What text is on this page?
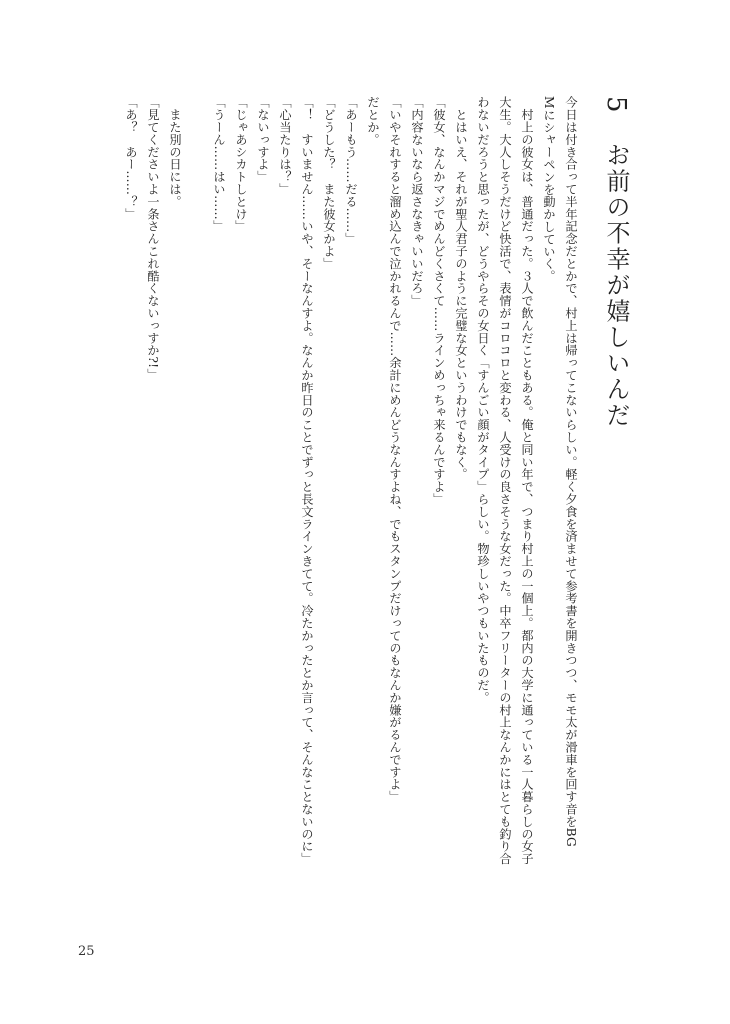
5 お前の不幸が嬉しいんだ
今日は付き合って半年記念だとかで、村上は帰ってこないらしい。軽く夕食を済ませて参考書を開きつつ、モモ太が滑車を回す音をBG
Mにシャーペンを動かしていく。
　村上の彼女は、普通だった。３人で飲んだこともある。俺と同い年で、つまり村上の一個上。都内の大学に通っている一人暮らしの女子
大生。大人しそうだけど快活で、表情がコロコロと変わる、人受けの良さそうな女だった。中卒フリーターの村上なんかにはとても釣り合
わないだろうと思ったが、どうやらその女日く「すんごい顔がタイプ」らしい。物珍しいやつもいたものだ。
　とはいえ、それが聖人君子のように完璧な女というわけでもなく。
「彼女、なんかマジでめんどくさくて……ラインめっちゃ来るんですよ」
「内容ないなら返さなきゃいいだろ」
「いやそれすると溜め込んで泣かれるんで……余計にめんどうなんすよね、でもスタンプだけってのもなんか嫌がるんですよ」
だとか。
「あーもう……だる……」
「どうした？　また彼女かよ」
「！　すいません……いや、そーなんすよ。なんか昨日のことでずっと長文ラインきてて。冷たかったとか言って、そんなことないのに」
「心当たりは？」
「ないっすよ」
「じゃあシカトしとけ」
「うーん……はい……」
　また別の日には。
「見てくださいよ一条さんこれ酷くないっすか?!」
「あ？　あー……？」
25
